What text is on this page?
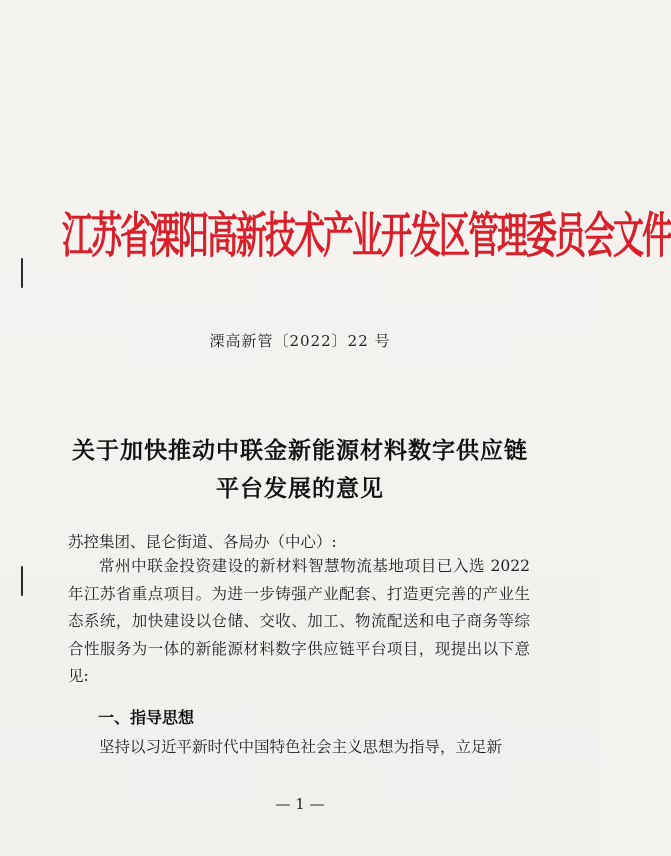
江苏省溧阳高新技术产业开发区管理委员会文件
溧高新管〔2022〕22 号
关于加快推动中联金新能源材料数字供应链
平台发展的意见
苏控集团、昆仑街道、各局办（中心）:
常州中联金投资建设的新材料智慧物流基地项目已入选 2022 年江苏省重点项目。为进一步铸强产业配套、打造更完善的产业生态系统，加快建设以仓储、交收、加工、物流配送和电子商务等综合性服务为一体的新能源材料数字供应链平台项目，现提出以下意见:
一、指导思想
坚持以习近平新时代中国特色社会主义思想为指导，立足新
— 1 —
